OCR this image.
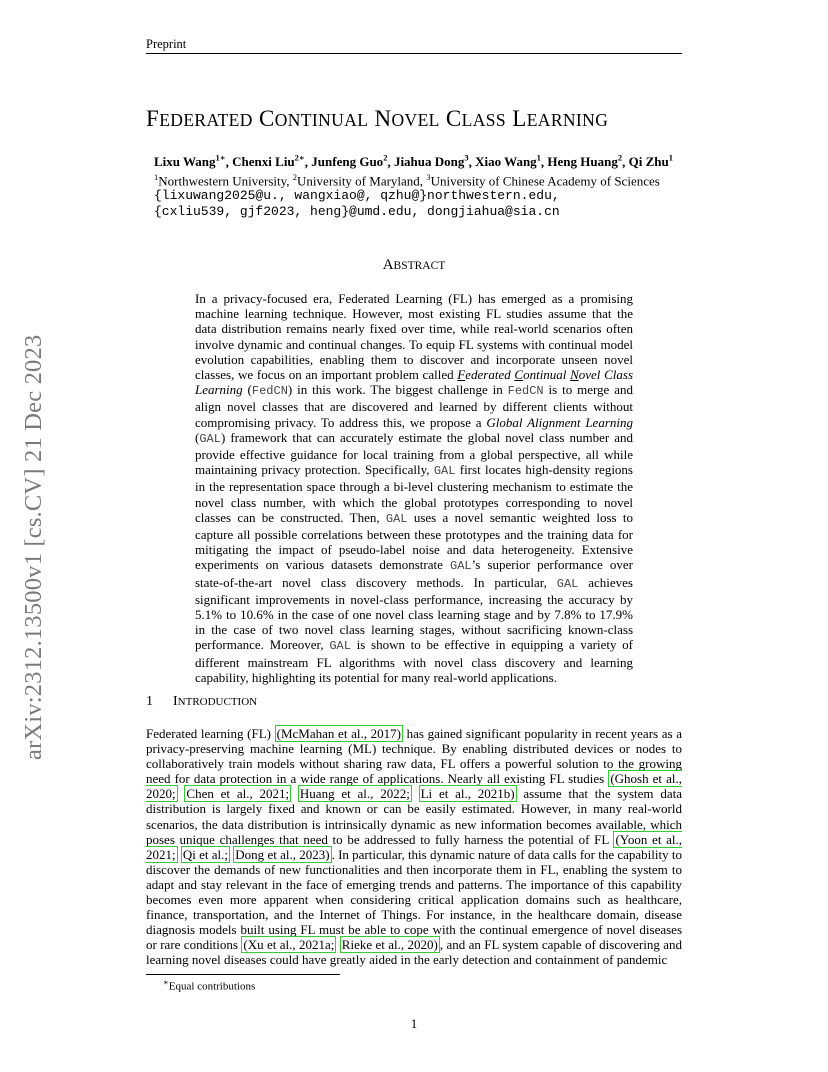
Preprint
FEDERATED CONTINUAL NOVEL CLASS LEARNING
Lixu Wang$^{1∗}$, Chenxi Liu$^{2∗}$, Junfeng Guo$^2$, Jiahua Dong$^3$, Xiao Wang$^1$, Heng Huang$^2$, Qi Zhu$^1$
$^1$Northwestern University, $^2$University of Maryland, $^3$University of Chinese Academy of Sciences
{lixuwang2025@u., wangxiao@, qzhu@}northwestern.edu,
{cxliu539, gjf2023, heng}@umd.edu, dongjiahua@sia.cn
arXiv:2312.13500v1 [cs.CV] 21 Dec 2023
ABSTRACT
In a privacy-focused era, Federated Learning (FL) has emerged as a promising machine learning technique. However, most existing FL studies assume that the data distribution remains nearly fixed over time, while real-world scenarios often involve dynamic and continual changes. To equip FL systems with continual model evolution capabilities, enabling them to discover and incorporate unseen novel classes, we focus on an important problem called Federated Continual Novel Class Learning (FedCN) in this work. The biggest challenge in FedCN is to merge and align novel classes that are discovered and learned by different clients without compromising privacy. To address this, we propose a Global Alignment Learning (GAL) framework that can accurately estimate the global novel class number and provide effective guidance for local training from a global perspective, all while maintaining privacy protection. Specifically, GAL first locates high-density regions in the representation space through a bi-level clustering mechanism to estimate the novel class number, with which the global prototypes corresponding to novel classes can be constructed. Then, GAL uses a novel semantic weighted loss to capture all possible correlations between these prototypes and the training data for mitigating the impact of pseudo-label noise and data heterogeneity. Extensive experiments on various datasets demonstrate GAL’s superior performance over state-of-the-art novel class discovery methods. In particular, GAL achieves significant improvements in novel-class performance, increasing the accuracy by 5.1% to 10.6% in the case of one novel class learning stage and by 7.8% to 17.9% in the case of two novel class learning stages, without sacrificing known-class performance. Moreover, GAL is shown to be effective in equipping a variety of different mainstream FL algorithms with novel class discovery and learning capability, highlighting its potential for many real-world applications.
1 INTRODUCTION
Federated learning (FL) (McMahan et al., 2017) has gained significant popularity in recent years as a privacy-preserving machine learning (ML) technique. By enabling distributed devices or nodes to collaboratively train models without sharing raw data, FL offers a powerful solution to the growing need for data protection in a wide range of applications. Nearly all existing FL studies (Ghosh et al., 2020; Chen et al., 2021; Huang et al., 2022; Li et al., 2021b) assume that the system data distribution is largely fixed and known or can be easily estimated. However, in many real-world scenarios, the data distribution is intrinsically dynamic as new information becomes available, which poses unique challenges that need to be addressed to fully harness the potential of FL (Yoon et al., 2021; Qi et al.; Dong et al., 2023) . In particular, this dynamic nature of data calls for the capability to discover the demands of new functionalities and then incorporate them in FL, enabling the system to adapt and stay relevant in the face of emerging trends and patterns. The importance of this capability becomes even more apparent when considering critical application domains such as healthcare, finance, transportation, and the Internet of Things. For instance, in the healthcare domain, disease diagnosis models built using FL must be able to cope with the continual emergence of novel diseases or rare conditions (Xu et al., 2021a; Rieke et al., 2020) , and an FL system capable of discovering and learning novel diseases could have greatly aided in the early detection and containment of pandemic
∗Equal contributions
1
